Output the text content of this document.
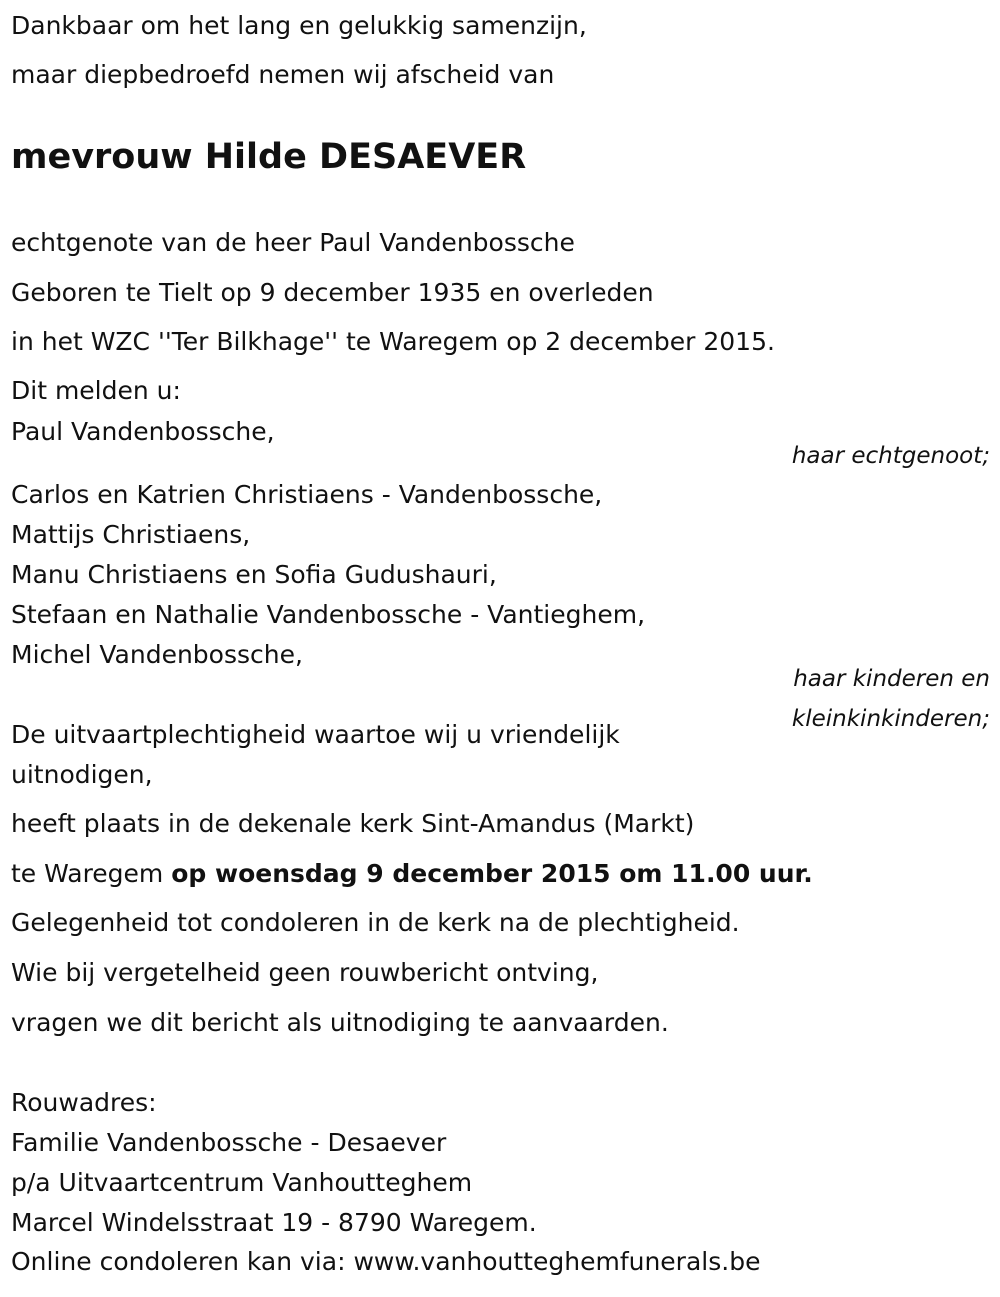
Dankbaar om het lang en gelukkig samenzijn,

maar diepbedroefd nemen wij afscheid van

mevrouw Hilde DESAEVER

echtgenote van de heer Paul Vandenbossche

Geboren te Tielt op 9 december 1935 en overleden

in het WZC ''Ter Bilkhage'' te Waregem op 2 december 2015.

Dit melden u:

Paul Vandenbossche,

haar echtgenoot;

Carlos en Katrien Christiaens - Vandenbossche,

Mattijs Christiaens,

Manu Christiaens en Sofia Gudushauri,

Stefaan en Nathalie Vandenbossche - Vantieghem,

Michel Vandenbossche,

haar kinderen en
kleinkinkinderen;

De uitvaartplechtigheid waartoe wij u vriendelijk

uitnodigen,

heeft plaats in de dekenale kerk Sint-Amandus (Markt)

te Waregem op woensdag 9 december 2015 om 11.00 uur.

Gelegenheid tot condoleren in de kerk na de plechtigheid.

Wie bij vergetelheid geen rouwbericht ontving,

vragen we dit bericht als uitnodiging te aanvaarden.

Rouwadres:

Familie Vandenbossche - Desaever

p/a Uitvaartcentrum Vanhoutteghem

Marcel Windelsstraat 19 - 8790 Waregem.

Online condoleren kan via: www.vanhoutteghemfunerals.be
